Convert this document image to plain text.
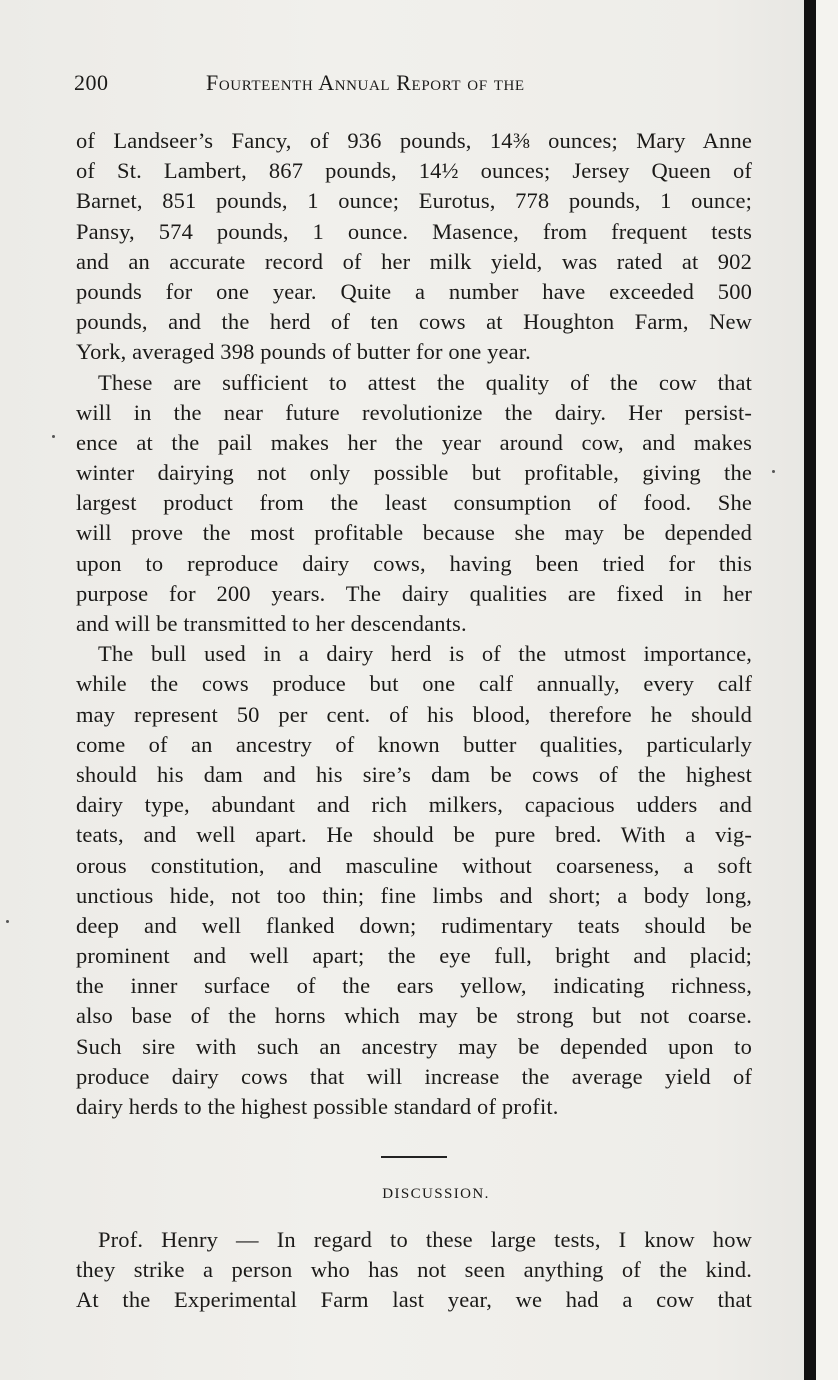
200	Fourteenth Annual Report of the
of Landseer’s Fancy, of 936 pounds, 14⅜ ounces; Mary Anne
of St. Lambert, 867 pounds, 14½ ounces; Jersey Queen of
Barnet, 851 pounds, 1 ounce; Eurotus, 778 pounds, 1 ounce;
Pansy, 574 pounds, 1 ounce. Masence, from frequent tests
and an accurate record of her milk yield, was rated at 902
pounds for one year. Quite a number have exceeded 500
pounds, and the herd of ten cows at Houghton Farm, New
York, averaged 398 pounds of butter for one year.
These are sufficient to attest the quality of the cow that
will in the near future revolutionize the dairy. Her persist-
ence at the pail makes her the year around cow, and makes
winter dairying not only possible but profitable, giving the
largest product from the least consumption of food. She
will prove the most profitable because she may be depended
upon to reproduce dairy cows, having been tried for this
purpose for 200 years. The dairy qualities are fixed in her
and will be transmitted to her descendants.
The bull used in a dairy herd is of the utmost importance,
while the cows produce but one calf annually, every calf
may represent 50 per cent. of his blood, therefore he should
come of an ancestry of known butter qualities, particularly
should his dam and his sire’s dam be cows of the highest
dairy type, abundant and rich milkers, capacious udders and
teats, and well apart. He should be pure bred. With a vig-
orous constitution, and masculine without coarseness, a soft
unctious hide, not too thin; fine limbs and short; a body long,
deep and well flanked down; rudimentary teats should be
prominent and well apart; the eye full, bright and placid;
the inner surface of the ears yellow, indicating richness,
also base of the horns which may be strong but not coarse.
Such sire with such an ancestry may be depended upon to
produce dairy cows that will increase the average yield of
dairy herds to the highest possible standard of profit.
DISCUSSION.
Prof. Henry — In regard to these large tests, I know how
they strike a person who has not seen anything of the kind.
At the Experimental Farm last year, we had a cow that
